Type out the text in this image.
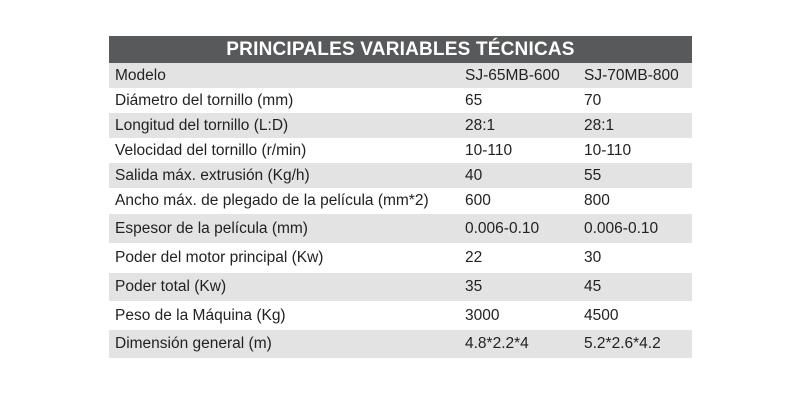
PRINCIPALES VARIABLES TÉCNICAS
Modelo	SJ-65MB-600	SJ-70MB-800
Diámetro del tornillo (mm)	65	70
Longitud del tornillo (L:D)	28:1	28:1
Velocidad del tornillo (r/min)	10-110	10-110
Salida máx. extrusión (Kg/h)	40	55
Ancho máx. de plegado de la película (mm*2)	600	800
Espesor de la película (mm)	0.006-0.10	0.006-0.10
Poder del motor principal (Kw)	22	30
Poder total (Kw)	35	45
Peso de la Máquina (Kg)	3000	4500
Dimensión general (m)	4.8*2.2*4	5.2*2.6*4.2
